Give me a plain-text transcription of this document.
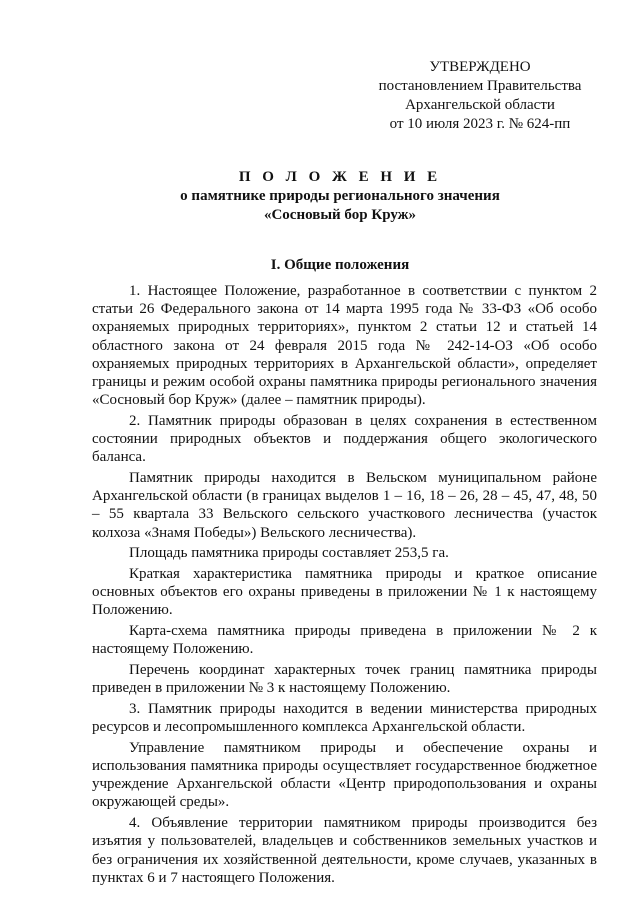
УТВЕРЖДЕНО
постановлением Правительства
Архангельской области
от 10 июля 2023 г. № 624-пп
П О Л О Ж Е Н И Е
о памятнике природы регионального значения
«Сосновый бор Круж»
I. Общие положения

1. Настоящее Положение, разработанное в соответствии с пунктом 2 статьи 26 Федерального закона от 14 марта 1995 года № 33-ФЗ «Об особо охраняемых природных территориях», пунктом 2 статьи 12 и статьей 14 областного закона от 24 февраля 2015 года № 242-14-ОЗ «Об особо охраняемых природных территориях в Архангельской области», определяет границы и режим особой охраны памятника природы регионального значения «Сосновый бор Круж» (далее – памятник природы).

2. Памятник природы образован в целях сохранения в естественном состоянии природных объектов и поддержания общего экологического баланса.

Памятник природы находится в Вельском муниципальном районе Архангельской области (в границах выделов 1 – 16, 18 – 26, 28 – 45, 47, 48, 50 – 55 квартала 33 Вельского сельского участкового лесничества (участок колхоза «Знамя Победы») Вельского лесничества).

Площадь памятника природы составляет 253,5 га.

Краткая характеристика памятника природы и краткое описание основных объектов его охраны приведены в приложении № 1 к настоящему Положению.

Карта-схема памятника природы приведена в приложении № 2 к настоящему Положению.

Перечень координат характерных точек границ памятника природы приведен в приложении № 3 к настоящему Положению.

3. Памятник природы находится в ведении министерства природных ресурсов и лесопромышленного комплекса Архангельской области.

Управление памятником природы и обеспечение охраны и использования памятника природы осуществляет государственное бюджетное учреждение Архангельской области «Центр природопользования и охраны окружающей среды».

4. Объявление территории памятником природы производится без изъятия у пользователей, владельцев и собственников земельных участков и без ограничения их хозяйственной деятельности, кроме случаев, указанных в пунктах 6 и 7 настоящего Положения.
